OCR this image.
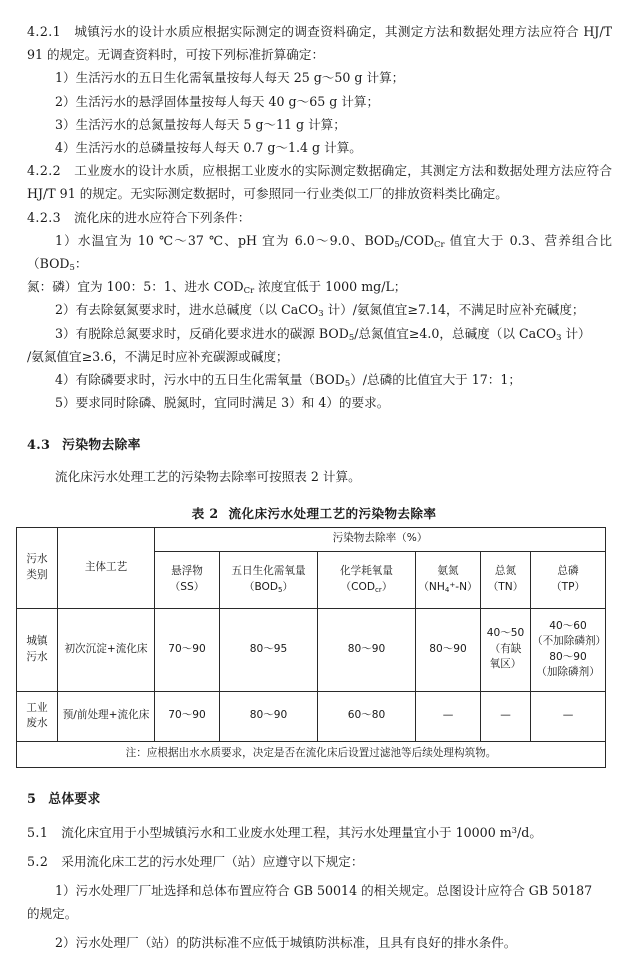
4.2.1 城镇污水的设计水质应根据实际测定的调查资料确定，其测定方法和数据处理方法应符合 HJ/T 91 的规定。无调查资料时，可按下列标准折算确定：

1）生活污水的五日生化需氧量按每人每天 25 g～50 g 计算；

2）生活污水的悬浮固体量按每人每天 40 g～65 g 计算；

3）生活污水的总氮量按每人每天 5 g～11 g 计算；

4）生活污水的总磷量按每人每天 0.7 g～1.4 g 计算。

4.2.2 工业废水的设计水质，应根据工业废水的实际测定数据确定，其测定方法和数据处理方法应符合 HJ/T 91 的规定。无实际测定数据时，可参照同一行业类似工厂的排放资料类比确定。

4.2.3 流化床的进水应符合下列条件：

1）水温宜为 10 ℃～37 ℃、pH 宜为 6.0～9.0、$BOD_5/COD_{Cr}$ 值宜大于 0.3、营养组合比（$BOD_5$：

氮：磷）宜为 100：5：1、进水 $COD_{Cr}$ 浓度宜低于 1000 mg/L；

2）有去除氨氮要求时，进水总碱度（以 CaCO$_3$ 计）/氨氮值宜≥7.14，不满足时应补充碱度；

3）有脱除总氮要求时，反硝化要求进水的碳源 $BOD_5/$总氮值宜≥4.0，总碱度（以 CaCO$_3$ 计）

/氨氮值宜≥3.6，不满足时应补充碳源或碱度；

4）有除磷要求时，污水中的五日生化需氧量$(BOD_5)/$总磷的比值宜大于 17：1；

5）要求同时除磷、脱氮时，宜同时满足 3）和 4）的要求。

4.3 污染物去除率

流化床污水处理工艺的污染物去除率可按照表 2 计算。

表 2 流化床污水处理工艺的污染物去除率

污水
类别	主体工艺	污染物去除率（%）					

		悬浮物
（SS）	五日生化需氧量
$(BOD_5)$	化学耗氧量
$(COD_{cr})$	氨氮
$(NH_4^+-N)$	总氮
（TN）	总磷
（TP）

城镇
污水	初次沉淀+流化床	70～90	80～95	80～90	80～90	40～50
（有缺
氧区）	40～60
（不加除磷剂）
80～90
（加除磷剂）

工业
废水	预/前处理+流化床	70～90	80～90	60～80	—	—	—
注：应根据出水水质要求，决定是否在流化床后设置过滤池等后续处理构筑物。							

5 总体要求

5.1 流化床宜用于小型城镇污水和工业废水处理工程，其污水处理量宜小于 10000 $m^3/d$。

5.2 采用流化床工艺的污水处理厂（站）应遵守以下规定：

1）污水处理厂厂址选择和总体布置应符合 GB 50014 的相关规定。总图设计应符合 GB 50187

的规定。

2）污水处理厂（站）的防洪标准不应低于城镇防洪标准，且具有良好的排水条件。
